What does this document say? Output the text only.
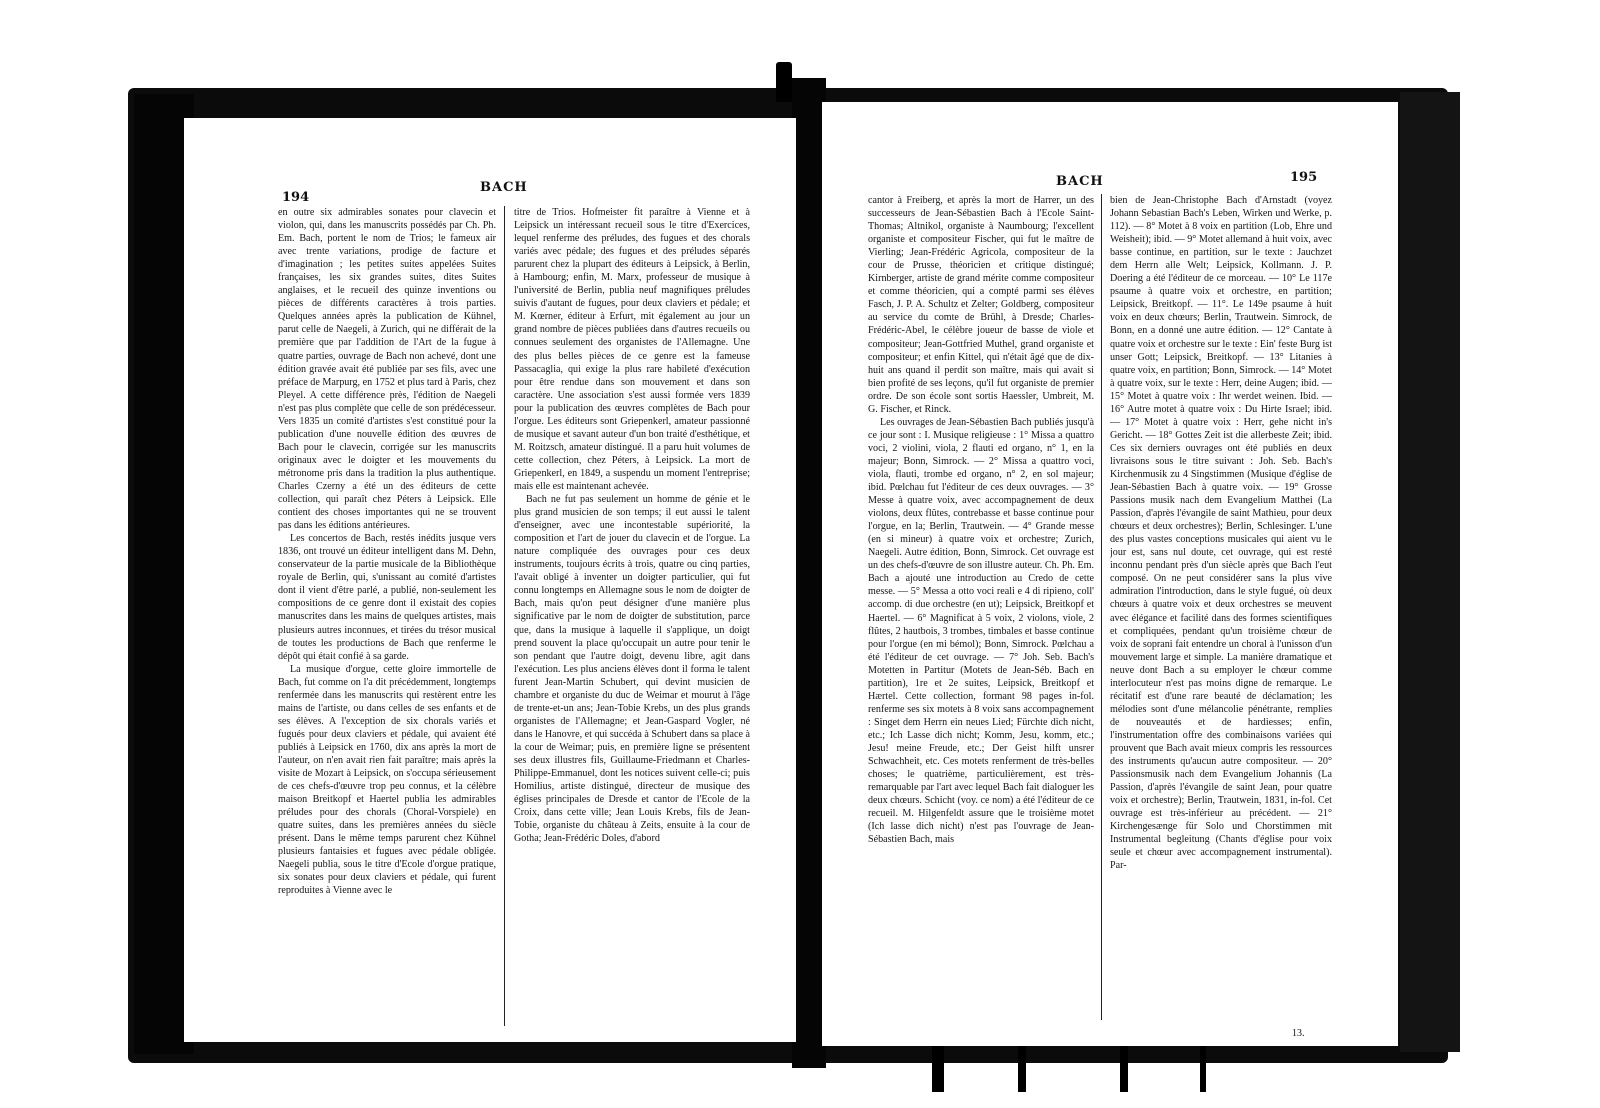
194
BACH

en outre six admirables sonates pour clavecin et violon, qui, dans les manuscrits possédés par Ch. Ph. Em. Bach, portent le nom de Trios; le fameux air avec trente variations, prodige de facture et d'imagination ; les petites suites appelées Suites françaises, les six grandes suites, dites Suites anglaises, et le recueil des quinze inventions ou pièces de différents caractères à trois parties. Quelques années après la publication de Kühnel, parut celle de Naegeli, à Zurich, qui ne différait de la première que par l'addition de l'Art de la fugue à quatre parties, ouvrage de Bach non achevé, dont une édition gravée avait été publiée par ses fils, avec une préface de Marpurg, en 1752 et plus tard à Paris, chez Pleyel. A cette différence près, l'édition de Naegeli n'est pas plus complète que celle de son prédécesseur. Vers 1835 un comité d'artistes s'est constitué pour la publication d'une nouvelle édition des œuvres de Bach pour le clavecin, corrigée sur les manuscrits originaux avec le doigter et les mouvements du métronome pris dans la tradition la plus authentique. Charles Czerny a été un des éditeurs de cette collection, qui paraît chez Péters à Leipsick. Elle contient des choses importantes qui ne se trouvent pas dans les éditions antérieures.

Les concertos de Bach, restés inédits jusque vers 1836, ont trouvé un éditeur intelligent dans M. Dehn, conservateur de la partie musicale de la Bibliothèque royale de Berlin, qui, s'unissant au comité d'artistes dont il vient d'être parlé, a publié, non-seulement les compositions de ce genre dont il existait des copies manuscrites dans les mains de quelques artistes, mais plusieurs autres inconnues, et tirées du trésor musical de toutes les productions de Bach que renferme le dépôt qui était confié à sa garde.

La musique d'orgue, cette gloire immortelle de Bach, fut comme on l'a dit précédemment, longtemps renfermée dans les manuscrits qui restèrent entre les mains de l'artiste, ou dans celles de ses enfants et de ses élèves. A l'exception de six chorals variés et fugués pour deux claviers et pédale, qui avaient été publiés à Leipsick en 1760, dix ans après la mort de l'auteur, on n'en avait rien fait paraître; mais après la visite de Mozart à Leipsick, on s'occupa sérieusement de ces chefs-d'œuvre trop peu connus, et la célèbre maison Breitkopf et Haertel publia les admirables préludes pour des chorals (Choral-Vorspiele) en quatre suites, dans les premières années du siècle présent. Dans le même temps parurent chez Kühnel plusieurs fantaisies et fugues avec pédale obligée. Naegeli publia, sous le titre d'Ecole d'orgue pratique, six sonates pour deux claviers et pédale, qui furent reproduites à Vienne avec le

titre de Trios. Hofmeister fit paraître à Vienne et à Leipsick un intéressant recueil sous le titre d'Exercices, lequel renferme des préludes, des fugues et des chorals variés avec pédale; des fugues et des préludes séparés parurent chez la plupart des éditeurs à Leipsick, à Berlin, à Hambourg; enfin, M. Marx, professeur de musique à l'université de Berlin, publia neuf magnifiques préludes suivis d'autant de fugues, pour deux claviers et pédale; et M. Kœrner, éditeur à Erfurt, mit également au jour un grand nombre de pièces publiées dans d'autres recueils ou connues seulement des organistes de l'Allemagne. Une des plus belles pièces de ce genre est la fameuse Passacaglia, qui exige la plus rare habileté d'exécution pour être rendue dans son mouvement et dans son caractère. Une association s'est aussi formée vers 1839 pour la publication des œuvres complètes de Bach pour l'orgue. Les éditeurs sont Griepenkerl, amateur passionné de musique et savant auteur d'un bon traité d'esthétique, et M. Roitzsch, amateur distingué. Il a paru huit volumes de cette collection, chez Péters, à Leipsick. La mort de Griepenkerl, en 1849, a suspendu un moment l'entreprise; mais elle est maintenant achevée.

Bach ne fut pas seulement un homme de génie et le plus grand musicien de son temps; il eut aussi le talent d'enseigner, avec une incontestable supériorité, la composition et l'art de jouer du clavecin et de l'orgue. La nature compliquée des ouvrages pour ces deux instruments, toujours écrits à trois, quatre ou cinq parties, l'avait obligé à inventer un doigter particulier, qui fut connu longtemps en Allemagne sous le nom de doigter de Bach, mais qu'on peut désigner d'une manière plus significative par le nom de doigter de substitution, parce que, dans la musique à laquelle il s'applique, un doigt prend souvent la place qu'occupait un autre pour tenir le son pendant que l'autre doigt, devenu libre, agit dans l'exécution. Les plus anciens élèves dont il forma le talent furent Jean-Martin Schubert, qui devint musicien de chambre et organiste du duc de Weimar et mourut à l'âge de trente-et-un ans; Jean-Tobie Krebs, un des plus grands organistes de l'Allemagne; et Jean-Gaspard Vogler, né dans le Hanovre, et qui succéda à Schubert dans sa place à la cour de Weimar; puis, en première ligne se présentent ses deux illustres fils, Guillaume-Friedmann et Charles-Philippe-Emmanuel, dont les notices suivent celle-ci; puis Homilius, artiste distingué, directeur de musique des églises principales de Dresde et cantor de l'Ecole de la Croix, dans cette ville; Jean Louis Krebs, fils de Jean-Tobie, organiste du château à Zeits, ensuite à la cour de Gotha; Jean-Frédéric Doles, d'abord

BACH	195

cantor à Freiberg, et après la mort de Harrer, un des successeurs de Jean-Sébastien Bach à l'Ecole Saint-Thomas; Altnikol, organiste à Naumbourg; l'excellent organiste et compositeur Fischer, qui fut le maître de Vierling; Jean-Frédéric Agricola, compositeur de la cour de Prusse, théoricien et critique distingué; Kirnberger, artiste de grand mérite comme compositeur et comme théoricien, qui a compté parmi ses élèves Fasch, J. P. A. Schultz et Zelter; Goldberg, compositeur au service du comte de Brühl, à Dresde; Charles-Frédéric-Abel, le célèbre joueur de basse de viole et compositeur; Jean-Gottfried Muthel, grand organiste et compositeur; et enfin Kittel, qui n'était âgé que de dix-huit ans quand il perdit son maître, mais qui avait si bien profité de ses leçons, qu'il fut organiste de premier ordre. De son école sont sortis Haessler, Umbreit, M. G. Fischer, et Rinck.

Les ouvrages de Jean-Sébastien Bach publiés jusqu'à ce jour sont : I. Musique religieuse : 1° Missa a quattro voci, 2 violini, viola, 2 flauti ed organo, n° 1, en la majeur; Bonn, Simrock. — 2° Missa a quattro voci, viola, flauti, trombe ed organo, n° 2, en sol majeur; ibid. Pœlchau fut l'éditeur de ces deux ouvrages. — 3° Messe à quatre voix, avec accompagnement de deux violons, deux flûtes, contrebasse et basse continue pour l'orgue, en la; Berlin, Trautwein. — 4° Grande messe (en si mineur) à quatre voix et orchestre; Zurich, Naegeli. Autre édition, Bonn, Simrock. Cet ouvrage est un des chefs-d'œuvre de son illustre auteur. Ch. Ph. Em. Bach a ajouté une introduction au Credo de cette messe. — 5° Messa a otto voci reali e 4 di ripieno, coll' accomp. di due orchestre (en ut); Leipsick, Breitkopf et Haertel. — 6° Magnificat à 5 voix, 2 violons, viole, 2 flûtes, 2 hautbois, 3 trombes, timbales et basse continue pour l'orgue (en mi bémol); Bonn, Simrock. Pœlchau a été l'éditeur de cet ouvrage. — 7° Joh. Seb. Bach's Motetten in Partitur (Motets de Jean-Séb. Bach en partition), 1re et 2e suites, Leipsick, Breitkopf et Hærtel. Cette collection, formant 98 pages in-fol. renferme ses six motets à 8 voix sans accompagnement : Singet dem Herrn ein neues Lied; Fürchte dich nicht, etc.; Ich Lasse dich nicht; Komm, Jesu, komm, etc.; Jesu! meine Freude, etc.; Der Geist hilft unsrer Schwachheit, etc. Ces motets renferment de très-belles choses; le quatrième, particulièrement, est très-remarquable par l'art avec lequel Bach fait dialoguer les deux chœurs. Schicht (voy. ce nom) a été l'éditeur de ce recueil. M. Hilgenfeldt assure que le troisième motet (Ich lasse dich nicht) n'est pas l'ouvrage de Jean-Sébastien Bach, mais

bien de Jean-Christophe Bach d'Arnstadt (voyez Johann Sebastian Bach's Leben, Wirken und Werke, p. 112). — 8° Motet à 8 voix en partition (Lob, Ehre und Weisheit); ibid. — 9° Motet allemand à huit voix, avec basse continue, en partition, sur le texte : Jauchzet dem Herrn alle Welt; Leipsick, Kollmann. J. P. Doering a été l'éditeur de ce morceau. — 10° Le 117e psaume à quatre voix et orchestre, en partition; Leipsick, Breitkopf. — 11°. Le 149e psaume à huit voix en deux chœurs; Berlin, Trautwein. Simrock, de Bonn, en a donné une autre édition. — 12° Cantate à quatre voix et orchestre sur le texte : Ein' feste Burg ist unser Gott; Leipsick, Breitkopf. — 13° Litanies à quatre voix, en partition; Bonn, Simrock. — 14° Motet à quatre voix, sur le texte : Herr, deine Augen; ibid. — 15° Motet à quatre voix : Ihr werdet weinen. Ibid. — 16° Autre motet à quatre voix : Du Hirte Israel; ibid. — 17° Motet à quatre voix : Herr, gehe nicht in's Gericht. — 18° Gottes Zeit ist die allerbeste Zeit; ibid. Ces six derniers ouvrages ont été publiés en deux livraisons sous le titre suivant : Joh. Seb. Bach's Kirchenmusik zu 4 Singstimmen (Musique d'église de Jean-Sébastien Bach à quatre voix. — 19° Grosse Passions musik nach dem Evangelium Matthei (La Passion, d'après l'évangile de saint Mathieu, pour deux chœurs et deux orchestres); Berlin, Schlesinger. L'une des plus vastes conceptions musicales qui aient vu le jour est, sans nul doute, cet ouvrage, qui est resté inconnu pendant près d'un siècle après que Bach l'eut composé. On ne peut considérer sans la plus vive admiration l'introduction, dans le style fugué, où deux chœurs à quatre voix et deux orchestres se meuvent avec élégance et facilité dans des formes scientifiques et compliquées, pendant qu'un troisième chœur de voix de soprani fait entendre un choral à l'unisson d'un mouvement large et simple. La manière dramatique et neuve dont Bach a su employer le chœur comme interlocuteur n'est pas moins digne de remarque. Le récitatif est d'une rare beauté de déclamation; les mélodies sont d'une mélancolie pénétrante, remplies de nouveautés et de hardiesses; enfin, l'instrumentation offre des combinaisons variées qui prouvent que Bach avait mieux compris les ressources des instruments qu'aucun autre compositeur. — 20° Passionsmusik nach dem Evangelium Johannis (La Passion, d'après l'évangile de saint Jean, pour quatre voix et orchestre); Berlin, Trautwein, 1831, in-fol. Cet ouvrage est très-inférieur au précédent. — 21° Kirchengesænge für Solo und Chorstimmen mit Instrumental begleitung (Chants d'église pour voix seule et chœur avec accompagnement instrumental). Par-

13.
